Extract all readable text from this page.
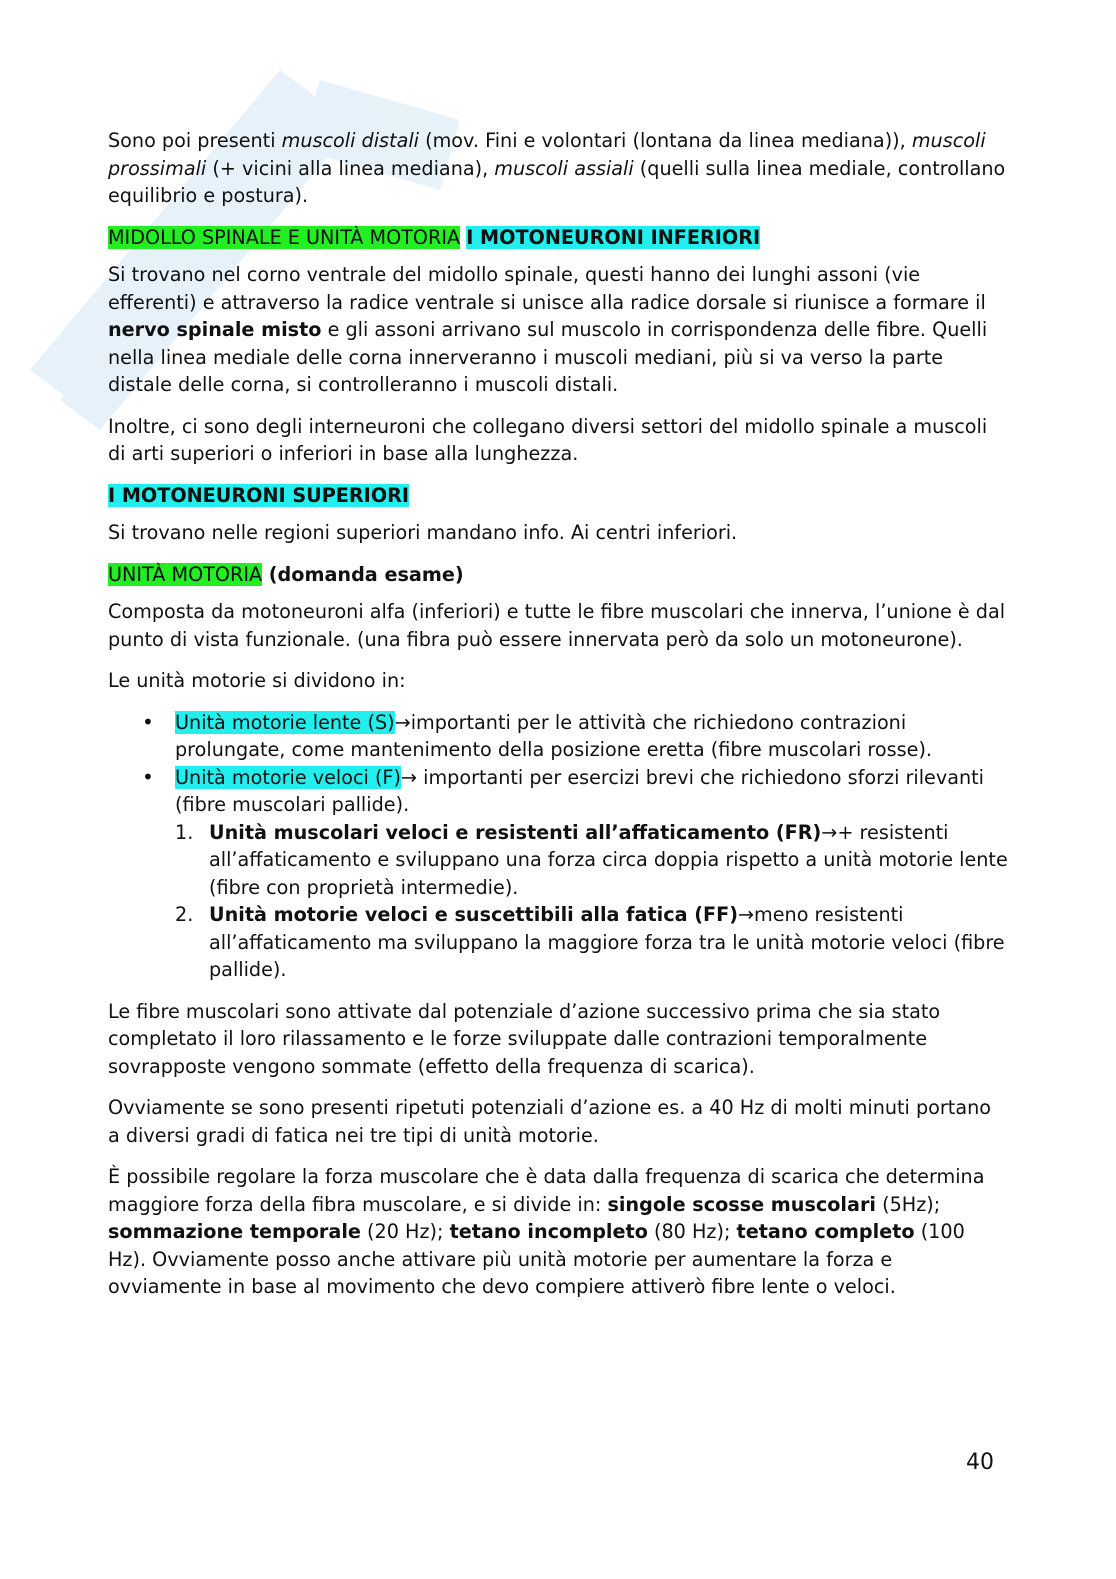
Sono poi presenti muscoli distali (mov. Fini e volontari (lontana da linea mediana)), muscoli prossimali (+ vicini alla linea mediana), muscoli assiali (quelli sulla linea mediale, controllano equilibrio e postura).

MIDOLLO SPINALE E UNITÀ MOTORIA I MOTONEURONI INFERIORI

Si trovano nel corno ventrale del midollo spinale, questi hanno dei lunghi assoni (vie efferenti) e attraverso la radice ventrale si unisce alla radice dorsale si riunisce a formare il nervo spinale misto e gli assoni arrivano sul muscolo in corrispondenza delle fibre. Quelli nella linea mediale delle corna innerveranno i muscoli mediani, più si va verso la parte distale delle corna, si controlleranno i muscoli distali.

Inoltre, ci sono degli interneuroni che collegano diversi settori del midollo spinale a muscoli di arti superiori o inferiori in base alla lunghezza.

I MOTONEURONI SUPERIORI

Si trovano nelle regioni superiori mandano info. Ai centri inferiori.

UNITÀ MOTORIA (domanda esame)

Composta da motoneuroni alfa (inferiori) e tutte le fibre muscolari che innerva, l’unione è dal punto di vista funzionale. (una fibra può essere innervata però da solo un motoneurone).

Le unità motorie si dividono in:

• Unità motorie lente (S)→importanti per le attività che richiedono contrazioni prolungate, come mantenimento della posizione eretta (fibre muscolari rosse).
• Unità motorie veloci (F)→ importanti per esercizi brevi che richiedono sforzi rilevanti (fibre muscolari pallide).
1. Unità muscolari veloci e resistenti all’affaticamento (FR)→+ resistenti all’affaticamento e sviluppano una forza circa doppia rispetto a unità motorie lente (fibre con proprietà intermedie).
2. Unità motorie veloci e suscettibili alla fatica (FF)→meno resistenti all’affaticamento ma sviluppano la maggiore forza tra le unità motorie veloci (fibre pallide).

Le fibre muscolari sono attivate dal potenziale d’azione successivo prima che sia stato completato il loro rilassamento e le forze sviluppate dalle contrazioni temporalmente sovrapposte vengono sommate (effetto della frequenza di scarica).

Ovviamente se sono presenti ripetuti potenziali d’azione es. a 40 Hz di molti minuti portano a diversi gradi di fatica nei tre tipi di unità motorie.

È possibile regolare la forza muscolare che è data dalla frequenza di scarica che determina maggiore forza della fibra muscolare, e si divide in: singole scosse muscolari (5Hz); sommazione temporale (20 Hz); tetano incompleto (80 Hz); tetano completo (100 Hz). Ovviamente posso anche attivare più unità motorie per aumentare la forza e ovviamente in base al movimento che devo compiere attiverò fibre lente o veloci.

40
